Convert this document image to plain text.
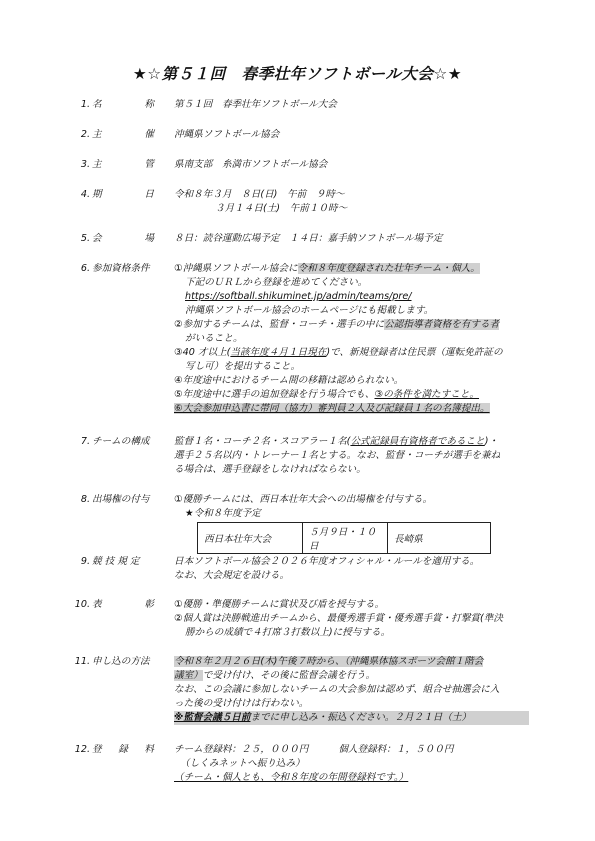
★☆第５１回　春季壮年ソフトボール大会☆★
1. 名	称 第５１回　春季壮年ソフトボール大会
2. 主	催 沖縄県ソフトボール協会
3. 主	管 県南支部　糸満市ソフトボール協会
4. 期	日 令和８年３月　８日(日)　午前　９時～
３月１４日(土)　午前１０時～
5. 会	場 ８日：読谷運動広場予定　１４日：嘉手納ソフトボール場予定
6. 参加資格条件	①沖縄県ソフトボール協会に令和８年度登録された壮年チーム・個人。
下記のＵＲＬから登録を進めてください。
https://softball.shikuminet.jp/admin/teams/pre/
沖縄県ソフトボール協会のホームページにも掲載します。
②参加するチームは、監督・コーチ・選手の中に公認指導者資格を有する者
がいること。
③40 才以上(当該年度４月１日現在)で、新規登録者は住民票（運転免許証の
写し可）を提出すること。
④年度途中におけるチーム間の移籍は認められない。
⑤年度途中に選手の追加登録を行う場合でも、③の条件を満たすこと。
⑥大会参加申込書に帯同（協力）審判員２人及び記録員１名の名簿提出。
7. チームの構成	監督１名・コーチ２名・スコアラー１名(公式記録員有資格者であること)・
選手２５名以内・トレーナー１名とする。なお、監督・コーチが選手を兼ね
る場合は、選手登録をしなければならない。
8. 出場権の付与	①優勝チームには、西日本壮年大会への出場権を付与する。
★令和８年度予定
西日本壮年大会	５月９日・１０日	長崎県
9. 競 技 規 定	日本ソフトボール協会２０２６年度オフィシャル・ルールを適用する。
なお、大会規定を設ける。
10. 表	彰 ①優勝・準優勝チームに賞状及び盾を授与する。
②個人賞は決勝戦進出チームから、最優秀選手賞・優秀選手賞・打撃賞(準決
勝からの成績で４打席３打数以上)に授与する。
11. 申し込の方法	令和８年２月２６日(木)午後７時から、（沖縄県体協スポーツ会館１階会
議室）で受け付け、その後に監督会議を行う。
なお、この会議に参加しないチームの大会参加は認めず、組合せ抽選会に入
った後の受け付けは行わない。
※監督会議５日前までに申し込み・振込ください。２月２１日（土）
12. 登 録 料 チーム登録料：２５，０００円	個人登録料：１，５００円
（しくみネットへ振り込み）
（チーム・個人とも、令和８年度の年間登録料です。）
